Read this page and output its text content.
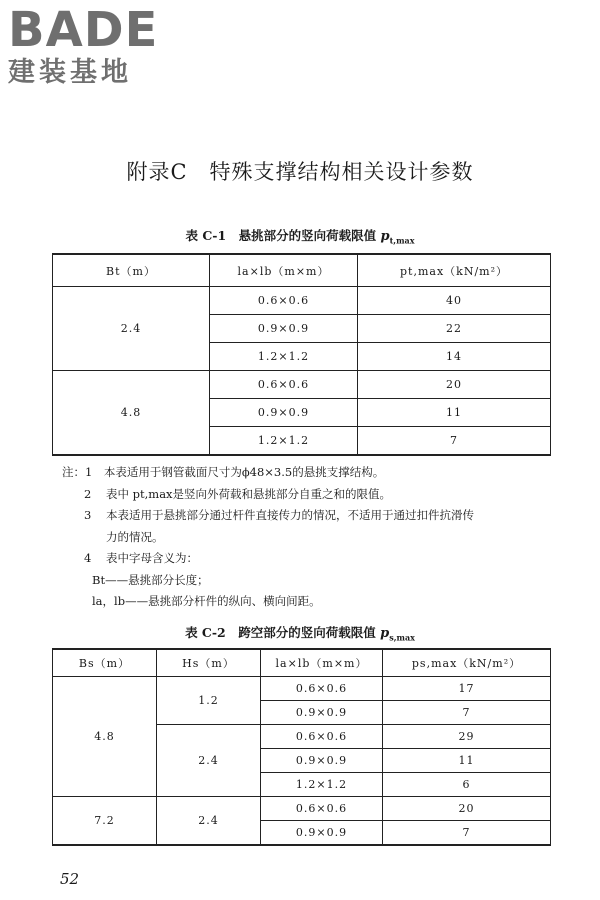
BADE
建装基地
附录C　特殊支撑结构相关设计参数
表 C-1　悬挑部分的竖向荷载限值 $p_{t,max}$
Bt（m）	la×lb（m×m）	pt,max（kN/m²）
2.4	0.6×0.6	40
	0.9×0.9	22
	1.2×1.2	14
4.8	0.6×0.6	20
	0.9×0.9	11
	1.2×1.2	7
注：1　 本表适用于钢管截面尺寸为ϕ48×3.5的悬挑支撑结构。
2 表中 pt,max是竖向外荷载和悬挑部分自重之和的限值。
3 本表适用于悬挑部分通过杆件直接传力的情况，不适用于通过扣件抗滑传
力的情况。
4 表中字母含义为：
Bt——悬挑部分长度；
la，lb——悬挑部分杆件的纵向、横向间距。
表 C-2　跨空部分的竖向荷载限值 $p_{s,max}$
Bs（m）	Hs（m）	la×lb（m×m）	ps,max（kN/m²）
4.8	1.2	0.6×0.6	17
		0.9×0.9	7
	2.4	0.6×0.6	29
		0.9×0.9	11
		1.2×1.2	6
7.2	2.4	0.6×0.6	20
		0.9×0.9	7
52
